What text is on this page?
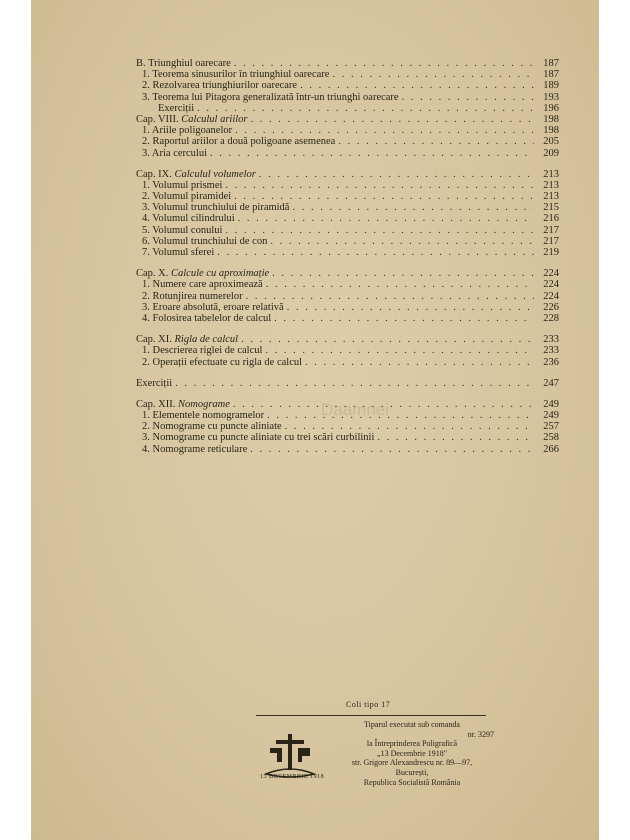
Daamnei
B. Triunghiul oarecare . . .	187
1. Teorema sinusurilor în triunghiul oarecare . . .	187
2. Rezolvarea triunghiurilor oarecare . . .	189
3. Teorema lui Pitagora generalizată într-un triunghi oarecare . . .	193
Exerciții . . .	196
Cap. VIII. Calculul ariilor . . .	198
1. Ariile poligoanelor . . .	198
2. Raportul ariilor a două poligoane asemenea . . .	205
3. Aria cercului . . .	209
Cap. IX. Calculul volumelor . . .	213
1. Volumul prismei . . .	213
2. Volumul piramidei . . .	213
3. Volumul trunchiului de piramidă . . .	215
4. Volumul cilindrului . . .	216
5. Volumul conului . . .	217
6. Volumul trunchiului de con . . .	217
7. Volumul sferei . . .	219
Cap. X. Calcule cu aproximație . . .	224
1. Numere care aproximează . . .	224
2. Rotunjirea numerelor . . .	224
3. Eroare absolută, eroare relativă . . .	226
4. Folosirea tabelelor de calcul . . .	228
Cap. XI. Rigla de calcul . . .	233
1. Descrierea riglei de calcul . . .	233
2. Operații efectuate cu rigla de calcul . . .	236
Exerciții . . .	247
Cap. XII. Nomograme . . .	249
1. Elementele nomogramelor . . .	249
2. Nomograme cu puncte aliniate . . .	257
3. Nomograme cu puncte aliniate cu trei scări curbilinii . . .	258
4. Nomograme reticulare . . .	266
Coli tipo 17
13 DECEMBRIE 1918
Tiparul executat sub comanda
nr. 3297
la Întreprinderea Poligrafică
„13 Decembrie 1918"
str. Grigore Alexandrescu nr. 89—97,
București,
Republica Socialistă România
